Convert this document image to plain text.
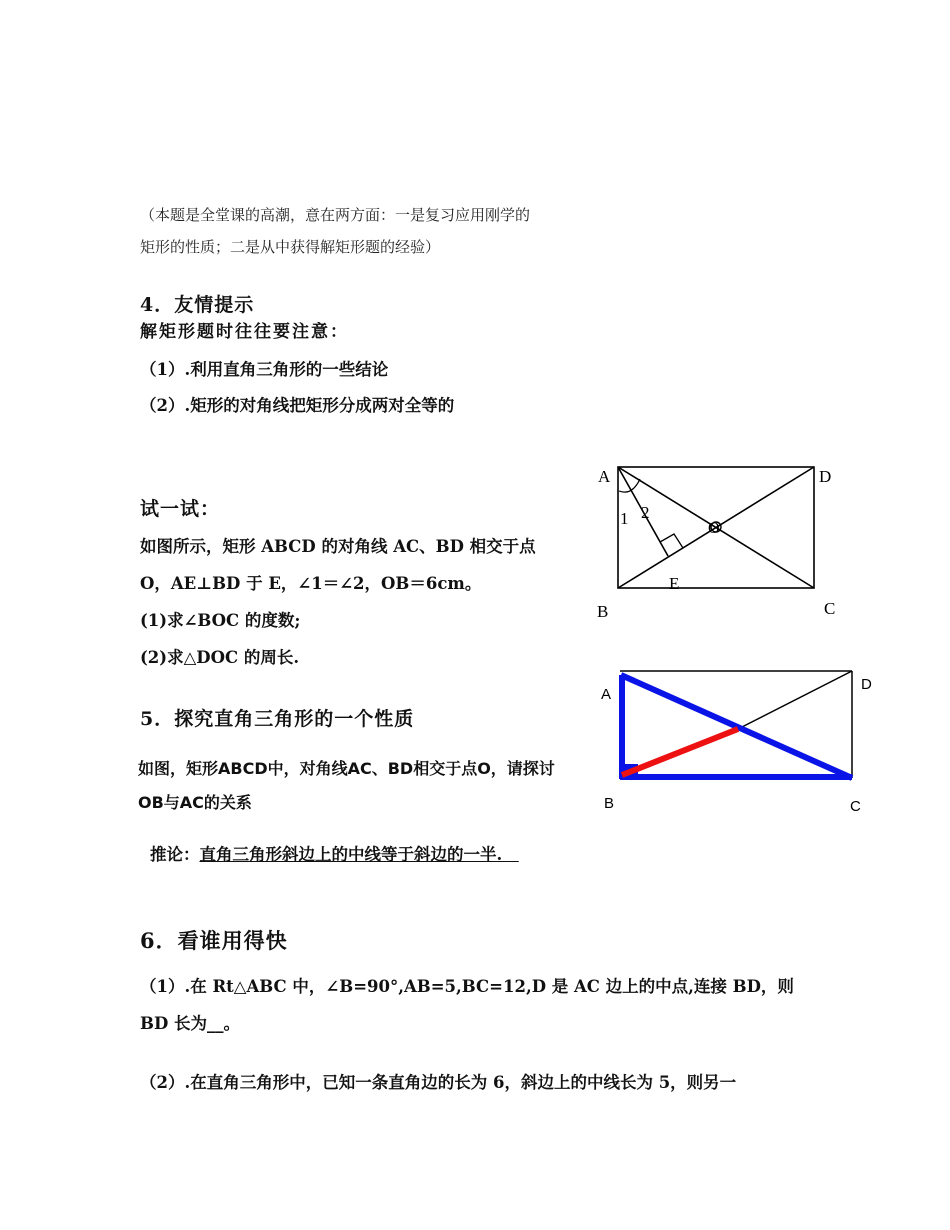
（本题是全堂课的高潮，意在两方面：一是复习应用刚学的
矩形的性质；二是从中获得解矩形题的经验）
4．友情提示
解矩形题时往往要注意：
（1）.利用直角三角形的一些结论
（2）.矩形的对角线把矩形分成两对全等的
试一试：
如图所示，矩形 ABCD 的对角线 AC、BD 相交于点
O，AE⊥BD 于 E，∠1＝∠2，OB＝6cm。
(1)求∠BOC 的度数;
(2)求△DOC 的周长.
A	D
B	C
E
O
1 2
5．探究直角三角形的一个性质
如图，矩形ABCD中，对角线AC、BD相交于点O，请探讨
OB与AC的关系
推论：直角三角形斜边上的中线等于斜边的一半.　
A
D
B	C
6．看谁用得快
（1）.在 Rt△ABC 中，∠B=90°,AB=5,BC=12,D 是 AC 边上的中点,连接 BD，则
BD 长为__。
（2）.在直角三角形中，已知一条直角边的长为 6，斜边上的中线长为 5，则另一
